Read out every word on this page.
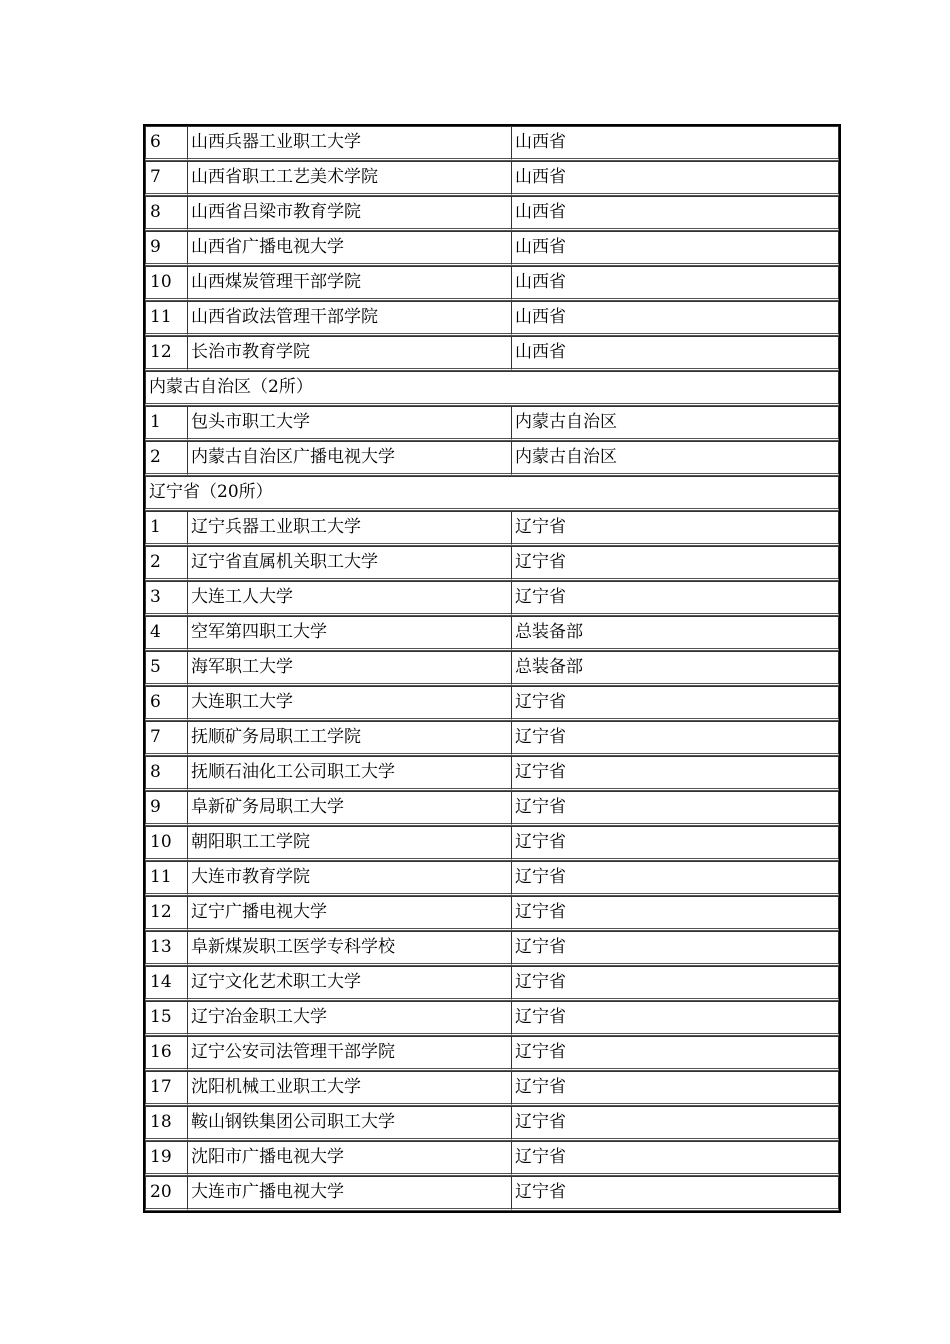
6	山西兵器工业职工大学	山西省
7	山西省职工工艺美术学院	山西省
8	山西省吕梁市教育学院	山西省
9	山西省广播电视大学	山西省
10	山西煤炭管理干部学院	山西省
11	山西省政法管理干部学院	山西省
12	长治市教育学院	山西省
内蒙古自治区（2所）		
1	包头市职工大学	内蒙古自治区
2	内蒙古自治区广播电视大学	内蒙古自治区
辽宁省（20所）		
1	辽宁兵器工业职工大学	辽宁省
2	辽宁省直属机关职工大学	辽宁省
3	大连工人大学	辽宁省
4	空军第四职工大学	总装备部
5	海军职工大学	总装备部
6	大连职工大学	辽宁省
7	抚顺矿务局职工工学院	辽宁省
8	抚顺石油化工公司职工大学	辽宁省
9	阜新矿务局职工大学	辽宁省
10	朝阳职工工学院	辽宁省
11	大连市教育学院	辽宁省
12	辽宁广播电视大学	辽宁省
13	阜新煤炭职工医学专科学校	辽宁省
14	辽宁文化艺术职工大学	辽宁省
15	辽宁冶金职工大学	辽宁省
16	辽宁公安司法管理干部学院	辽宁省
17	沈阳机械工业职工大学	辽宁省
18	鞍山钢铁集团公司职工大学	辽宁省
19	沈阳市广播电视大学	辽宁省
20	大连市广播电视大学	辽宁省
